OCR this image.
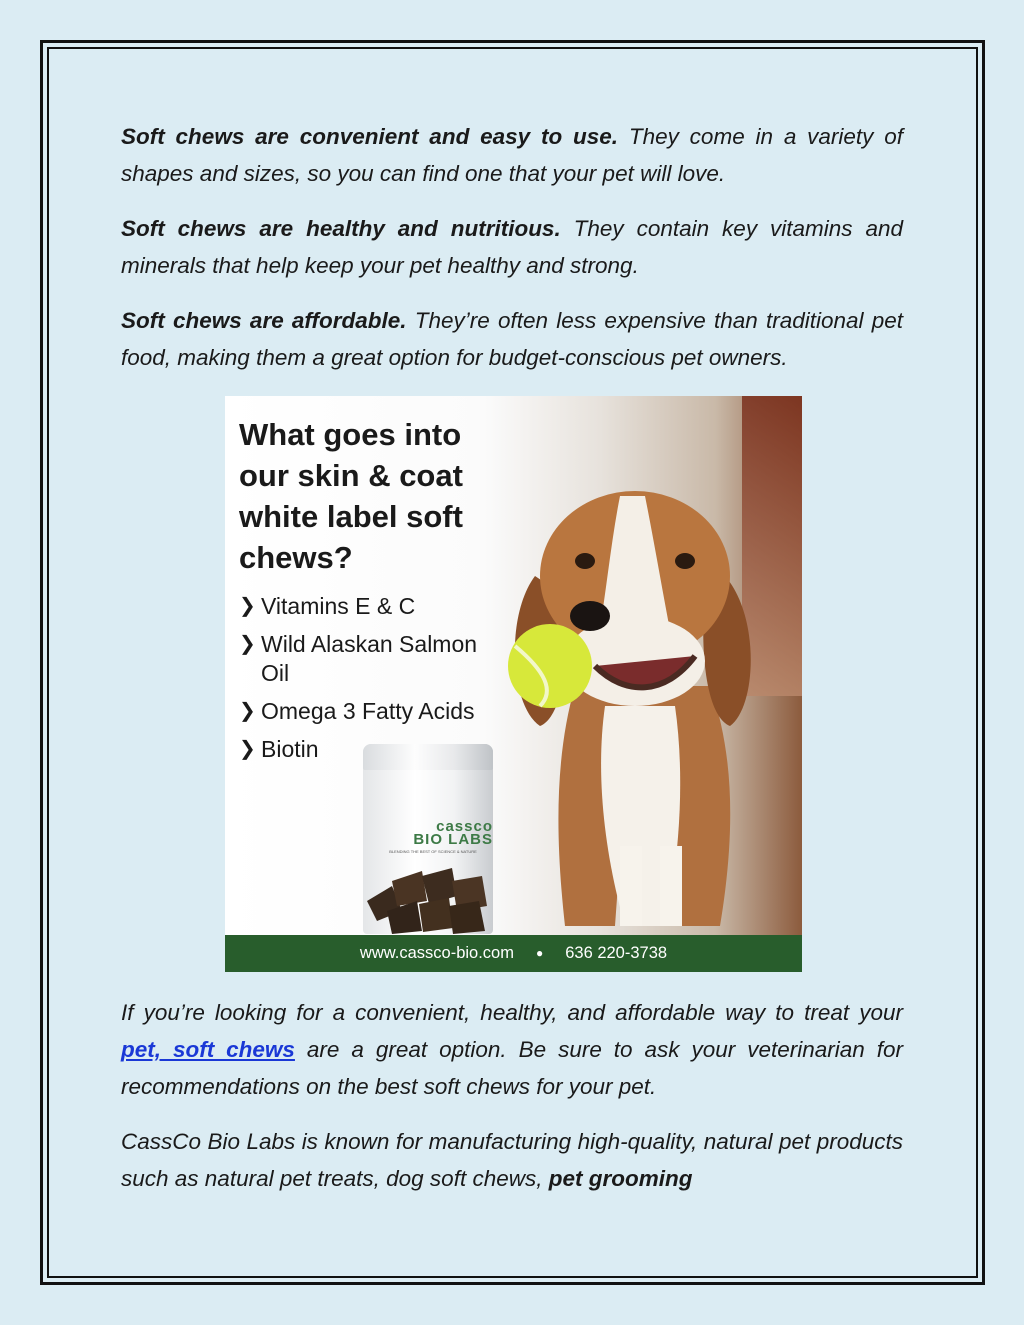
Soft chews are convenient and easy to use. They come in a variety of shapes and sizes, so you can find one that your pet will love.

Soft chews are healthy and nutritious. They contain key vitamins and minerals that help keep your pet healthy and strong.

Soft chews are affordable. They’re often less expensive than traditional pet food, making them a great option for budget-conscious pet owners.

What goes into our skin & coat white label soft chews?
❯ Vitamins E & C
❯ Wild Alaskan Salmon Oil
❯ Omega 3 Fatty Acids
❯ Biotin
cassco
BIO LABS
BLENDING THE BEST OF SCIENCE & NATURE
www.cassco-bio.com ● 636 220-3738

If you’re looking for a convenient, healthy, and affordable way to treat your pet, soft chews are a great option. Be sure to ask your veterinarian for recommendations on the best soft chews for your pet.

CassCo Bio Labs is known for manufacturing high-quality, natural pet products such as natural pet treats, dog soft chews, pet grooming
